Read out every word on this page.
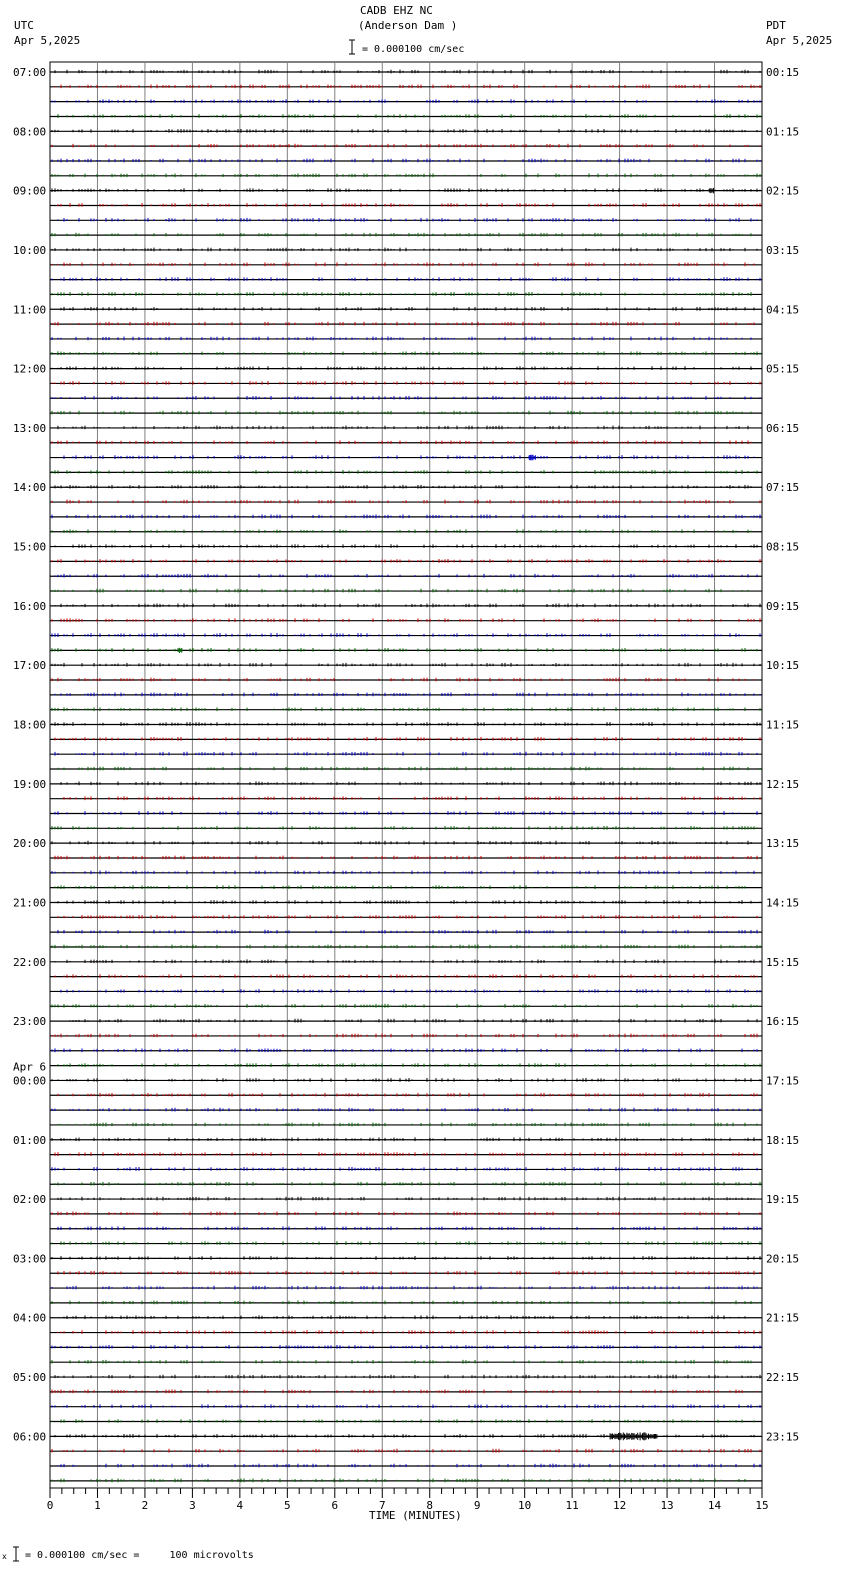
07:00
08:00
09:00
10:00
11:00
12:00
13:00
14:00
15:00
16:00
17:00
18:00
19:00
20:00
21:00
22:00
23:00
00:00
Apr 6
01:00
02:00
03:00
04:00
05:00
06:00
00:15
01:15
02:15
03:15
04:15
05:15
06:15
07:15
08:15
09:15
10:15
11:15
12:15
13:15
14:15
15:15
16:15
17:15
18:15
19:15
20:15
21:15
22:15
23:15
0	1	2	3	4	5	6	7	8	9	10	11	12	13	14	15
CADB EHZ NC
(Anderson Dam )
UTC
Apr 5,2025
PDT
Apr 5,2025
= 0.000100 cm/sec
TIME (MINUTES)
x = 0.000100 cm/sec =     100 microvolts
